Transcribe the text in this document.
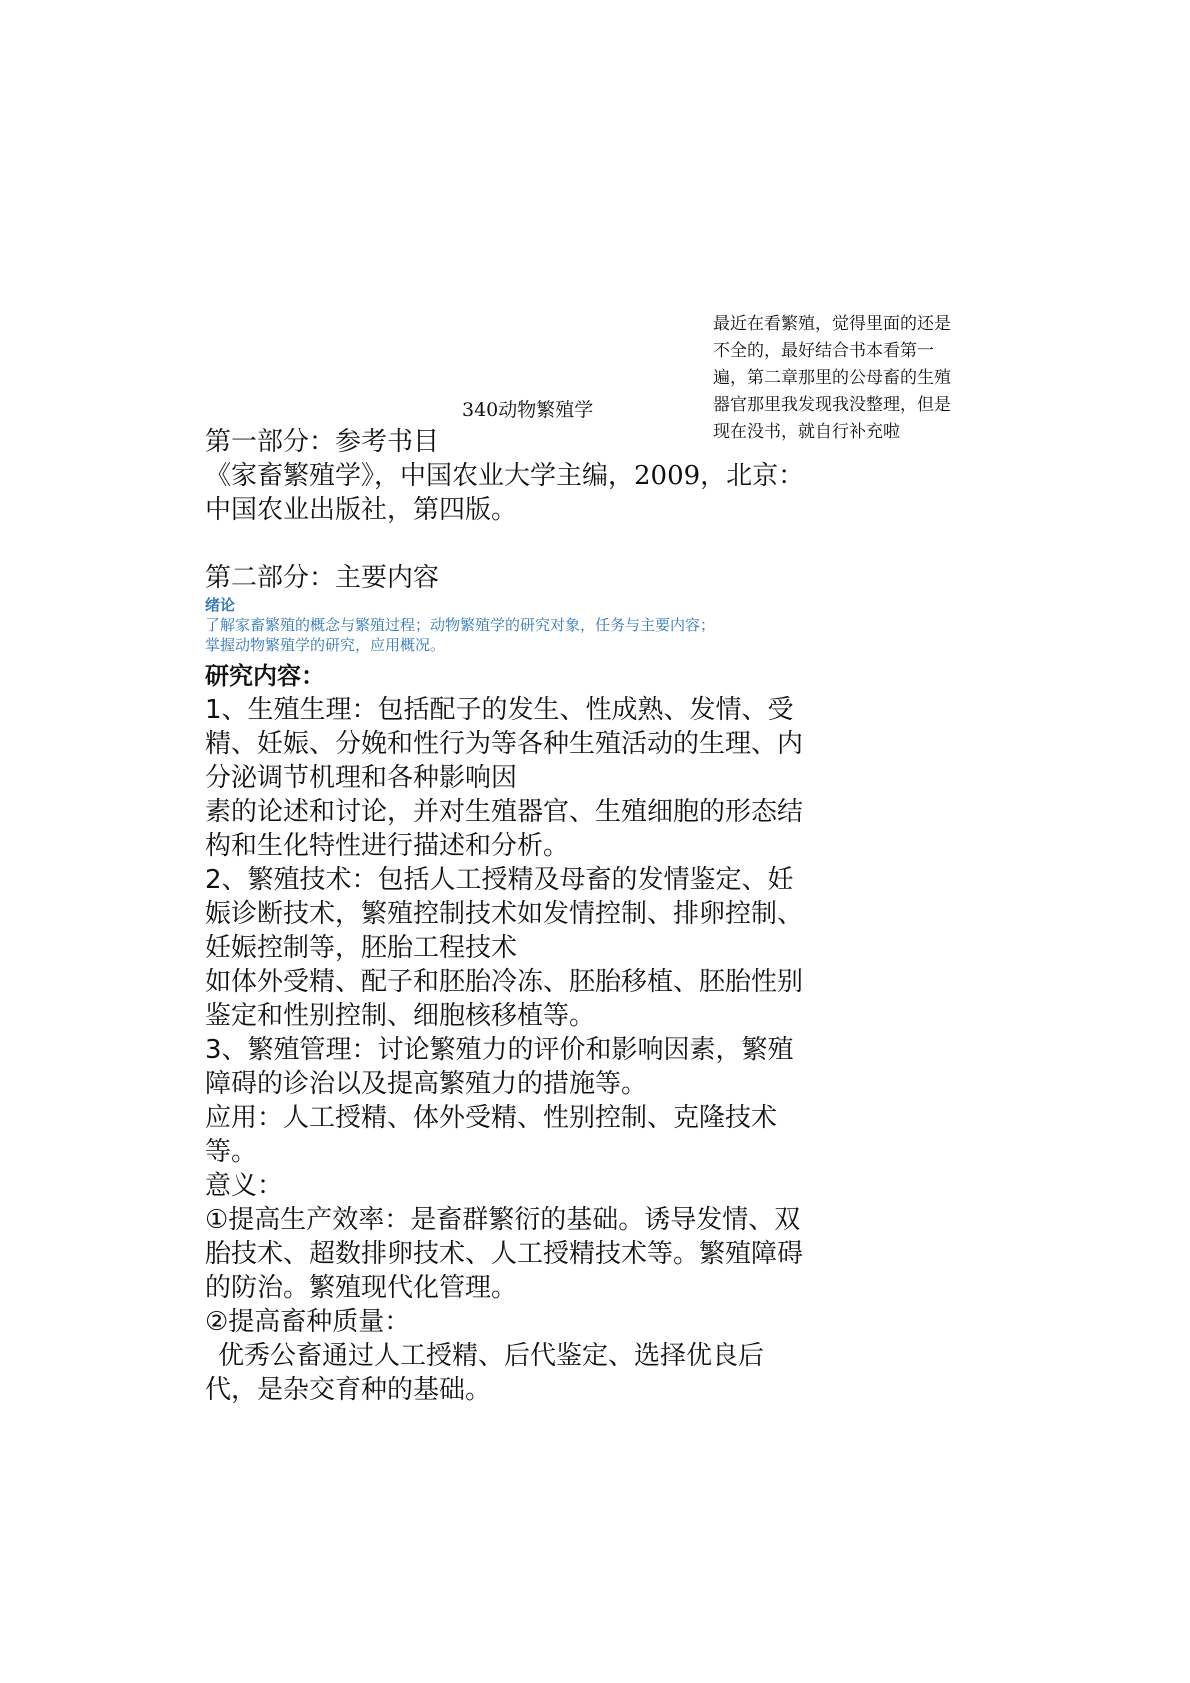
最近在看繁殖，觉得里面的还是
不全的，最好结合书本看第一
遍，第二章那里的公母畜的生殖
器官那里我发现我没整理，但是
现在没书，就自行补充啦
340动物繁殖学
第一部分：参考书目
《家畜繁殖学》，中国农业大学主编，2009，北京：
中国农业出版社，第四版。
第二部分：主要内容
绪论
了解家畜繁殖的概念与繁殖过程；动物繁殖学的研究对象，任务与主要内容；
掌握动物繁殖学的研究，应用概况。
研究内容：
1、生殖生理：包括配子的发生、性成熟、发情、受
精、妊娠、分娩和性行为等各种生殖活动的生理、内
分泌调节机理和各种影响因
素的论述和讨论，并对生殖器官、生殖细胞的形态结
构和生化特性进行描述和分析。
2、繁殖技术：包括人工授精及母畜的发情鉴定、妊
娠诊断技术，繁殖控制技术如发情控制、排卵控制、
妊娠控制等，胚胎工程技术
如体外受精、配子和胚胎冷冻、胚胎移植、胚胎性别
鉴定和性别控制、细胞核移植等。
3、繁殖管理：讨论繁殖力的评价和影响因素，繁殖
障碍的诊治以及提高繁殖力的措施等。
应用：人工授精、体外受精、性别控制、克隆技术
等。
意义：
①提高生产效率：是畜群繁衍的基础。诱导发情、双
胎技术、超数排卵技术、人工授精技术等。繁殖障碍
的防治。繁殖现代化管理。
②提高畜种质量：
优秀公畜通过人工授精、后代鉴定、选择优良后
代，是杂交育种的基础。
